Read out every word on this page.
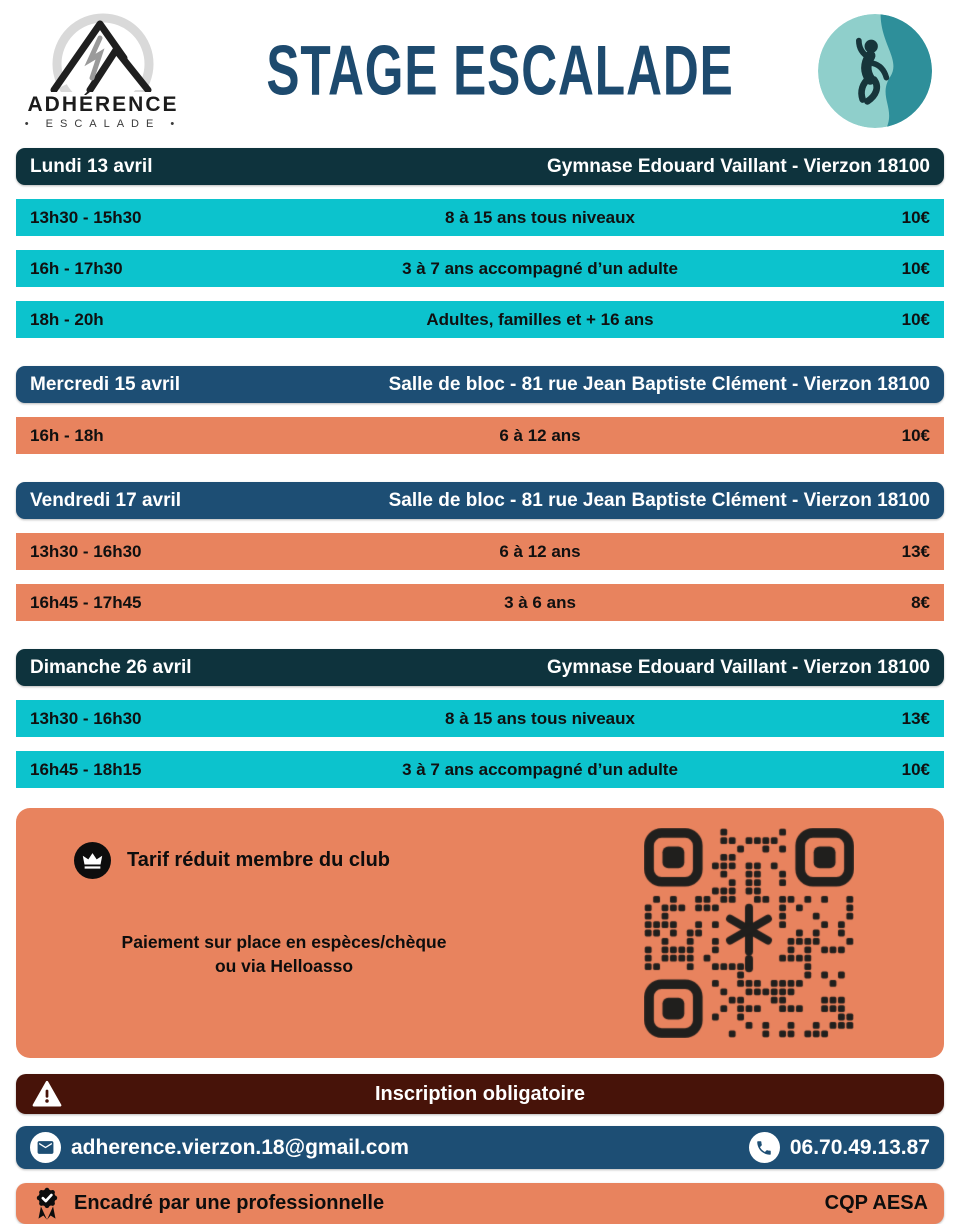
ADHÉRENCE
• ESCALADE •
STAGE ESCALADE
Lundi 13 avril	Gymnase Edouard Vaillant - Vierzon 18100
13h30 - 15h30	8 à 15 ans tous niveaux	10€
16h - 17h30	3 à 7 ans accompagné d’un adulte	10€
18h - 20h	Adultes, familles et + 16 ans	10€
Mercredi 15 avril	Salle de bloc - 81 rue Jean Baptiste Clément - Vierzon 18100
16h - 18h	6 à 12 ans	10€
Vendredi 17 avril	Salle de bloc - 81 rue Jean Baptiste Clément - Vierzon 18100
13h30 - 16h30	6 à 12 ans	13€
16h45 - 17h45	3 à 6 ans	8€
Dimanche 26 avril	Gymnase Edouard Vaillant - Vierzon 18100
13h30 - 16h30	8 à 15 ans tous niveaux	13€
16h45 - 18h15	3 à 7 ans accompagné d’un adulte	10€
Tarif réduit membre du club
Paiement sur place en espèces/chèque
ou via Helloasso
Inscription obligatoire
adherence.vierzon.18@gmail.com	06.70.49.13.87
Encadré par une professionnelle	CQP AESA
